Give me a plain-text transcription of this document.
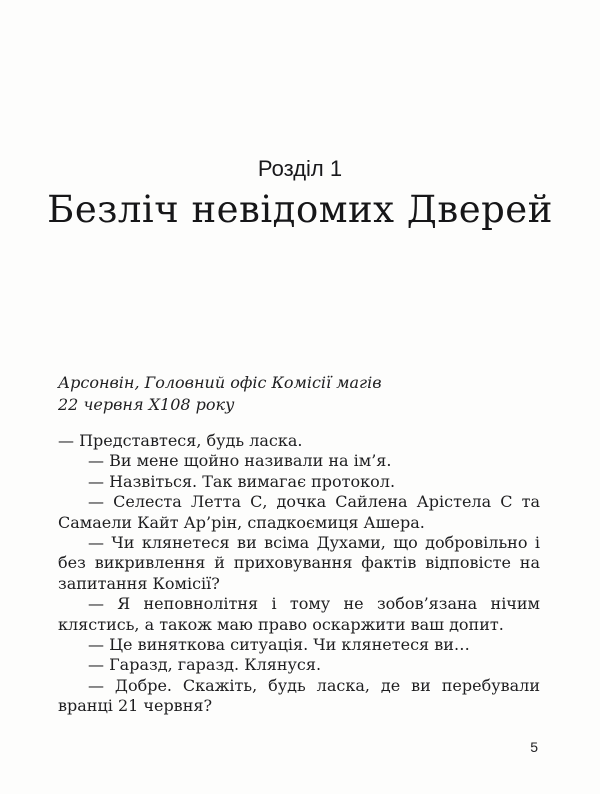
Розділ 1
Безліч невідомих Дверей
Арсонвін, Головний офіс Комісії магів
22 червня Х108 року

— Представтеся, будь ласка.

— Ви мене щойно називали на ім’я.

— Назвіться. Так вимагає протокол.

— Селеста Летта С, дочка Сайлена Арістела С та Самаели Кайт Ар’рін, спадкоємиця Ашера.

— Чи клянетеся ви всіма Духами, що добровільно і без викривлення й приховування фактів відповісте на запитання Комісії?

— Я неповнолітня і тому не зобов’язана нічим клястись, а також маю право оскаржити ваш допит.

— Це виняткова ситуація. Чи клянетеся ви…

— Гаразд, гаразд. Клянуся.

— Добре. Скажіть, будь ласка, де ви перебували вранці 21 червня?

5
